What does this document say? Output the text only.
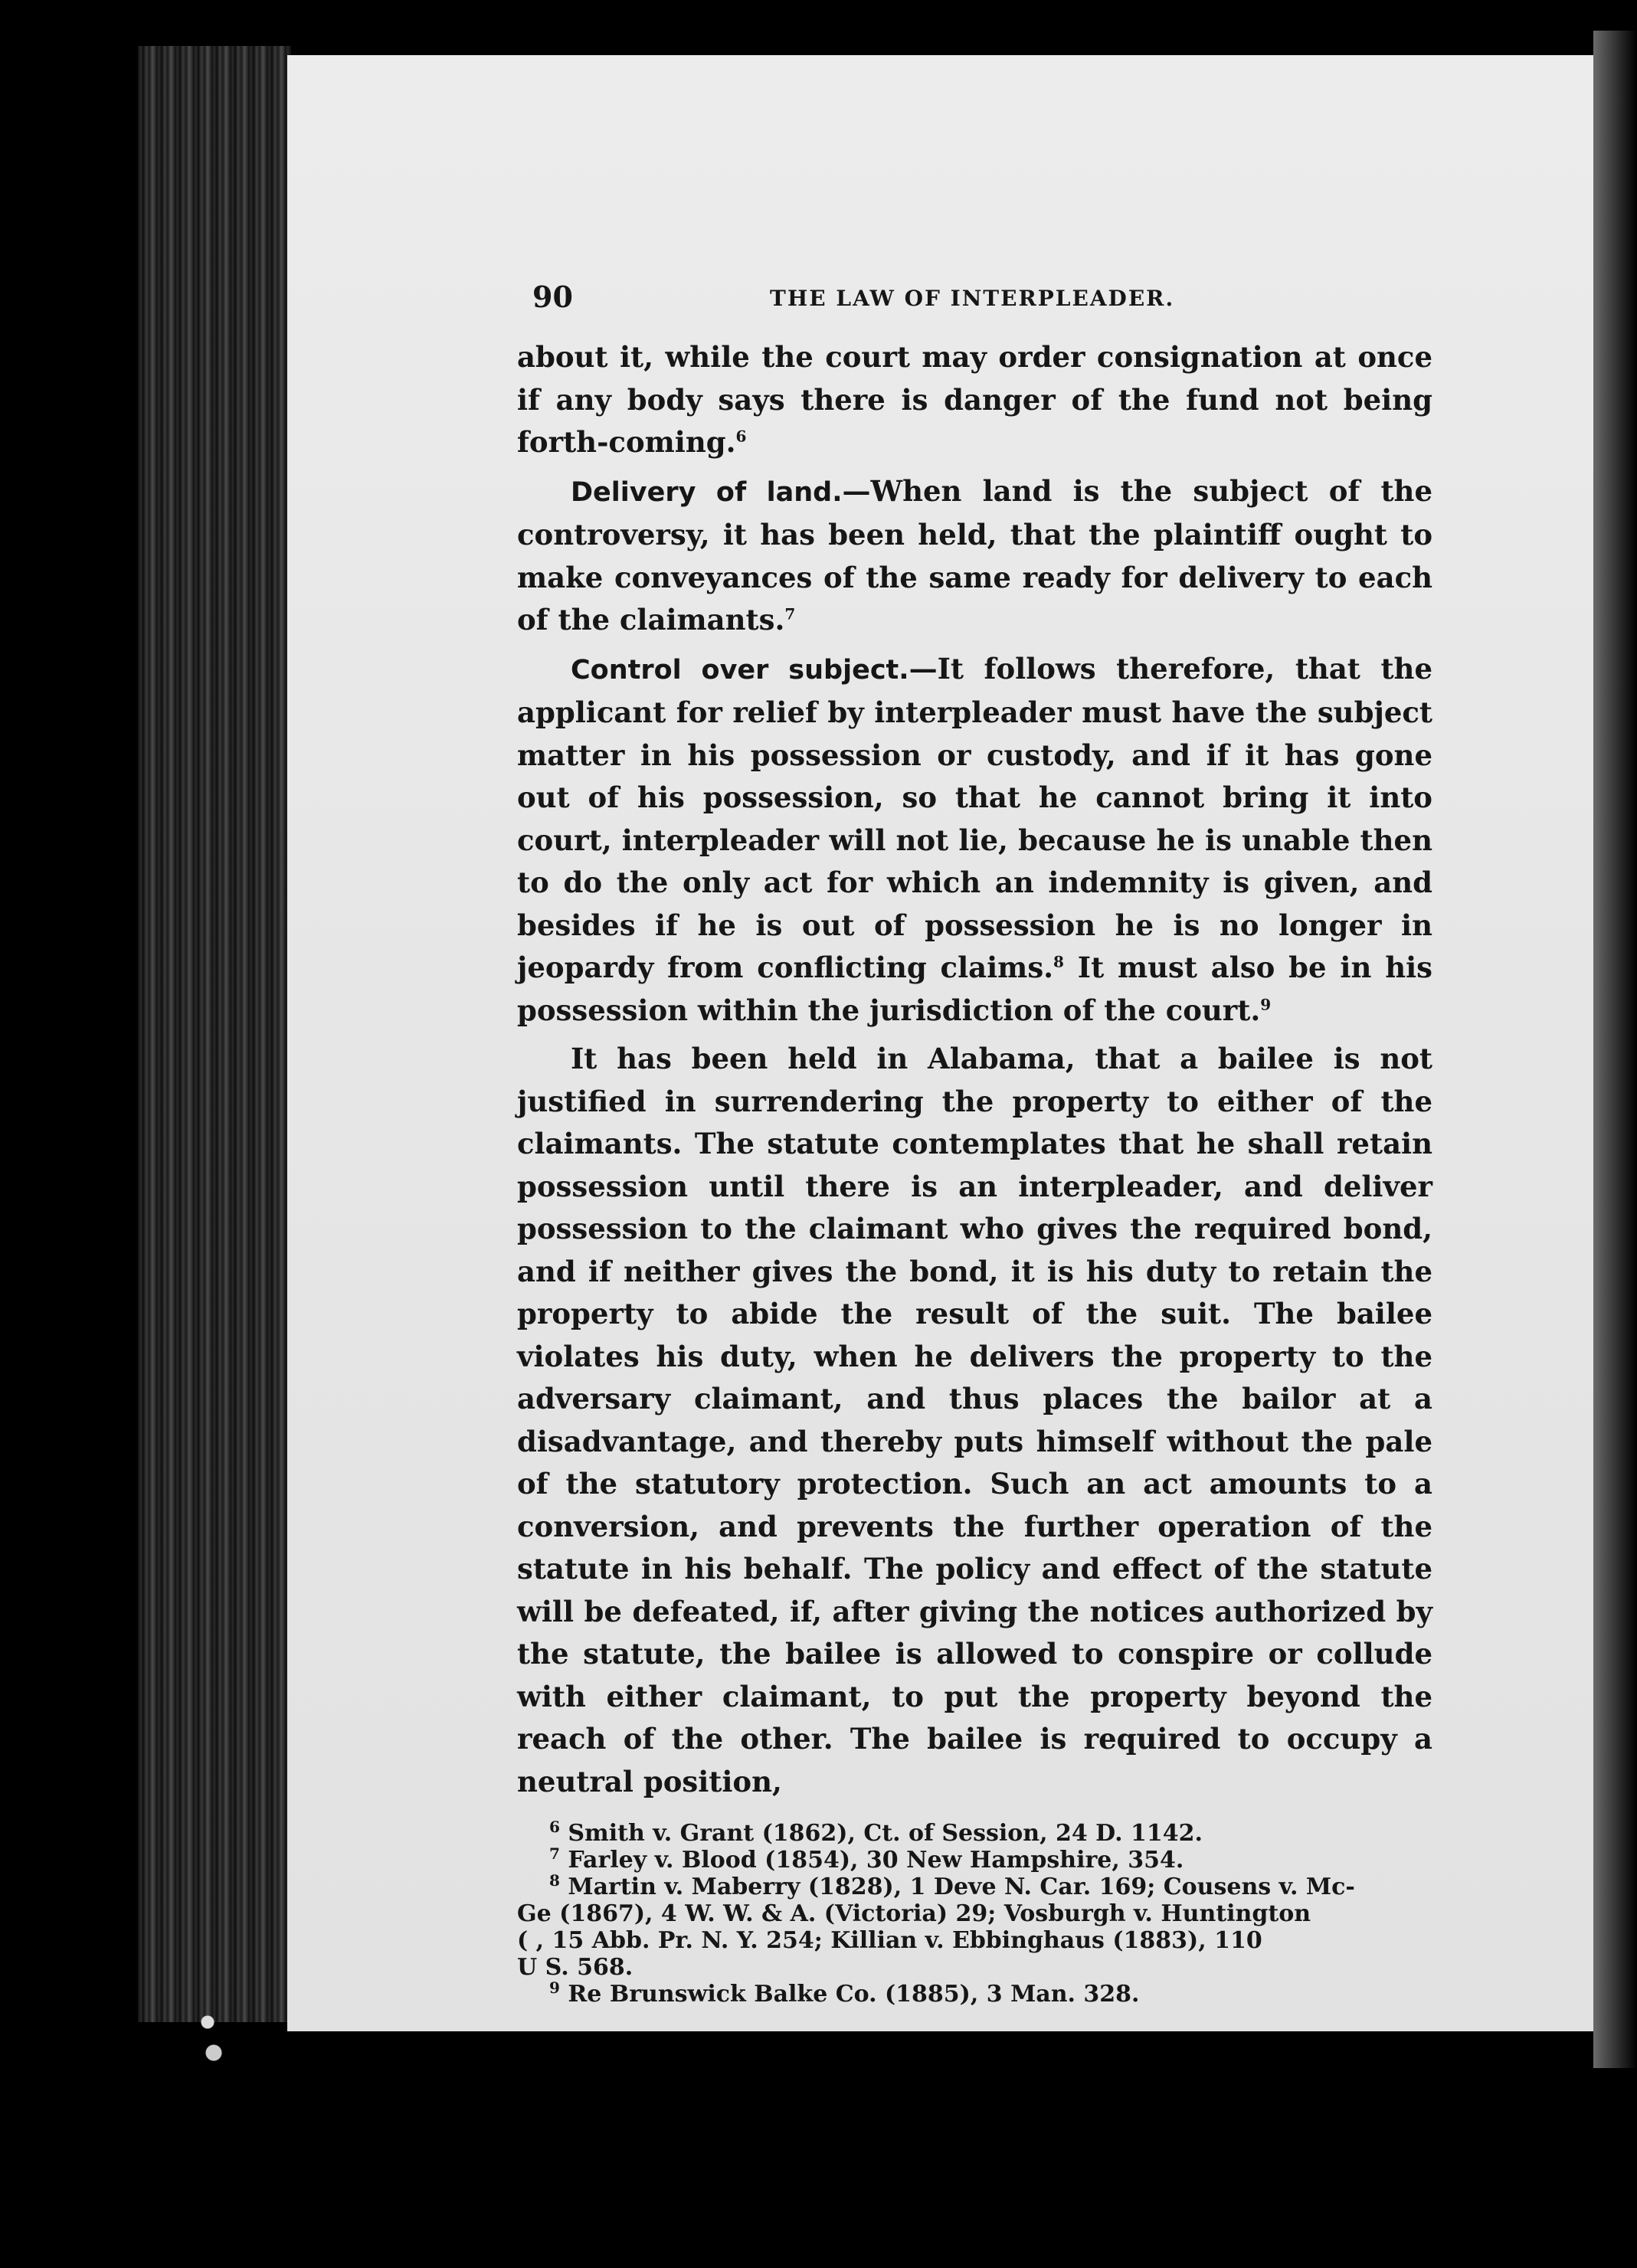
90	THE LAW OF INTERPLEADER.

about it, while the court may order consignation at once if any body says there is danger of the fund not being forth-coming.$^6$

Delivery of land.—When land is the subject of the controversy, it has been held, that the plaintiff ought to make conveyances of the same ready for delivery to each of the claimants.$^7$

Control over subject.—It follows therefore, that the applicant for relief by interpleader must have the subject matter in his possession or custody, and if it has gone out of his possession, so that he cannot bring it into court, interpleader will not lie, because he is unable then to do the only act for which an indemnity is given, and besides if he is out of possession he is no longer in jeopardy from conflicting claims.$^8$ It must also be in his possession within the jurisdiction of the court.$^9$

It has been held in Alabama, that a bailee is not justified in surrendering the property to either of the claimants. The statute contemplates that he shall retain possession until there is an interpleader, and deliver possession to the claimant who gives the required bond, and if neither gives the bond, it is his duty to retain the property to abide the result of the suit. The bailee violates his duty, when he delivers the property to the adversary claimant, and thus places the bailor at a disadvantage, and thereby puts himself without the pale of the statutory protection. Such an act amounts to a conversion, and prevents the further operation of the statute in his behalf. The policy and effect of the statute will be defeated, if, after giving the notices authorized by the statute, the bailee is allowed to conspire or collude with either claimant, to put the property beyond the reach of the other. The bailee is required to occupy a neutral position,

$^6$ Smith v. Grant (1862), Ct. of Session, 24 D. 1142.

$^7$ Farley v. Blood (1854), 30 New Hampshire, 354.

$^8$ Martin v. Maberry (1828), 1 Deve N. Car. 169; Cousens v. Mc-

Ge (1867), 4 W. W. & A. (Victoria) 29; Vosburgh v. Huntington

( , 15 Abb. Pr. N. Y. 254; Killian v. Ebbinghaus (1883), 110

U S. 568.

$^9$ Re Brunswick Balke Co. (1885), 3 Man. 328.
